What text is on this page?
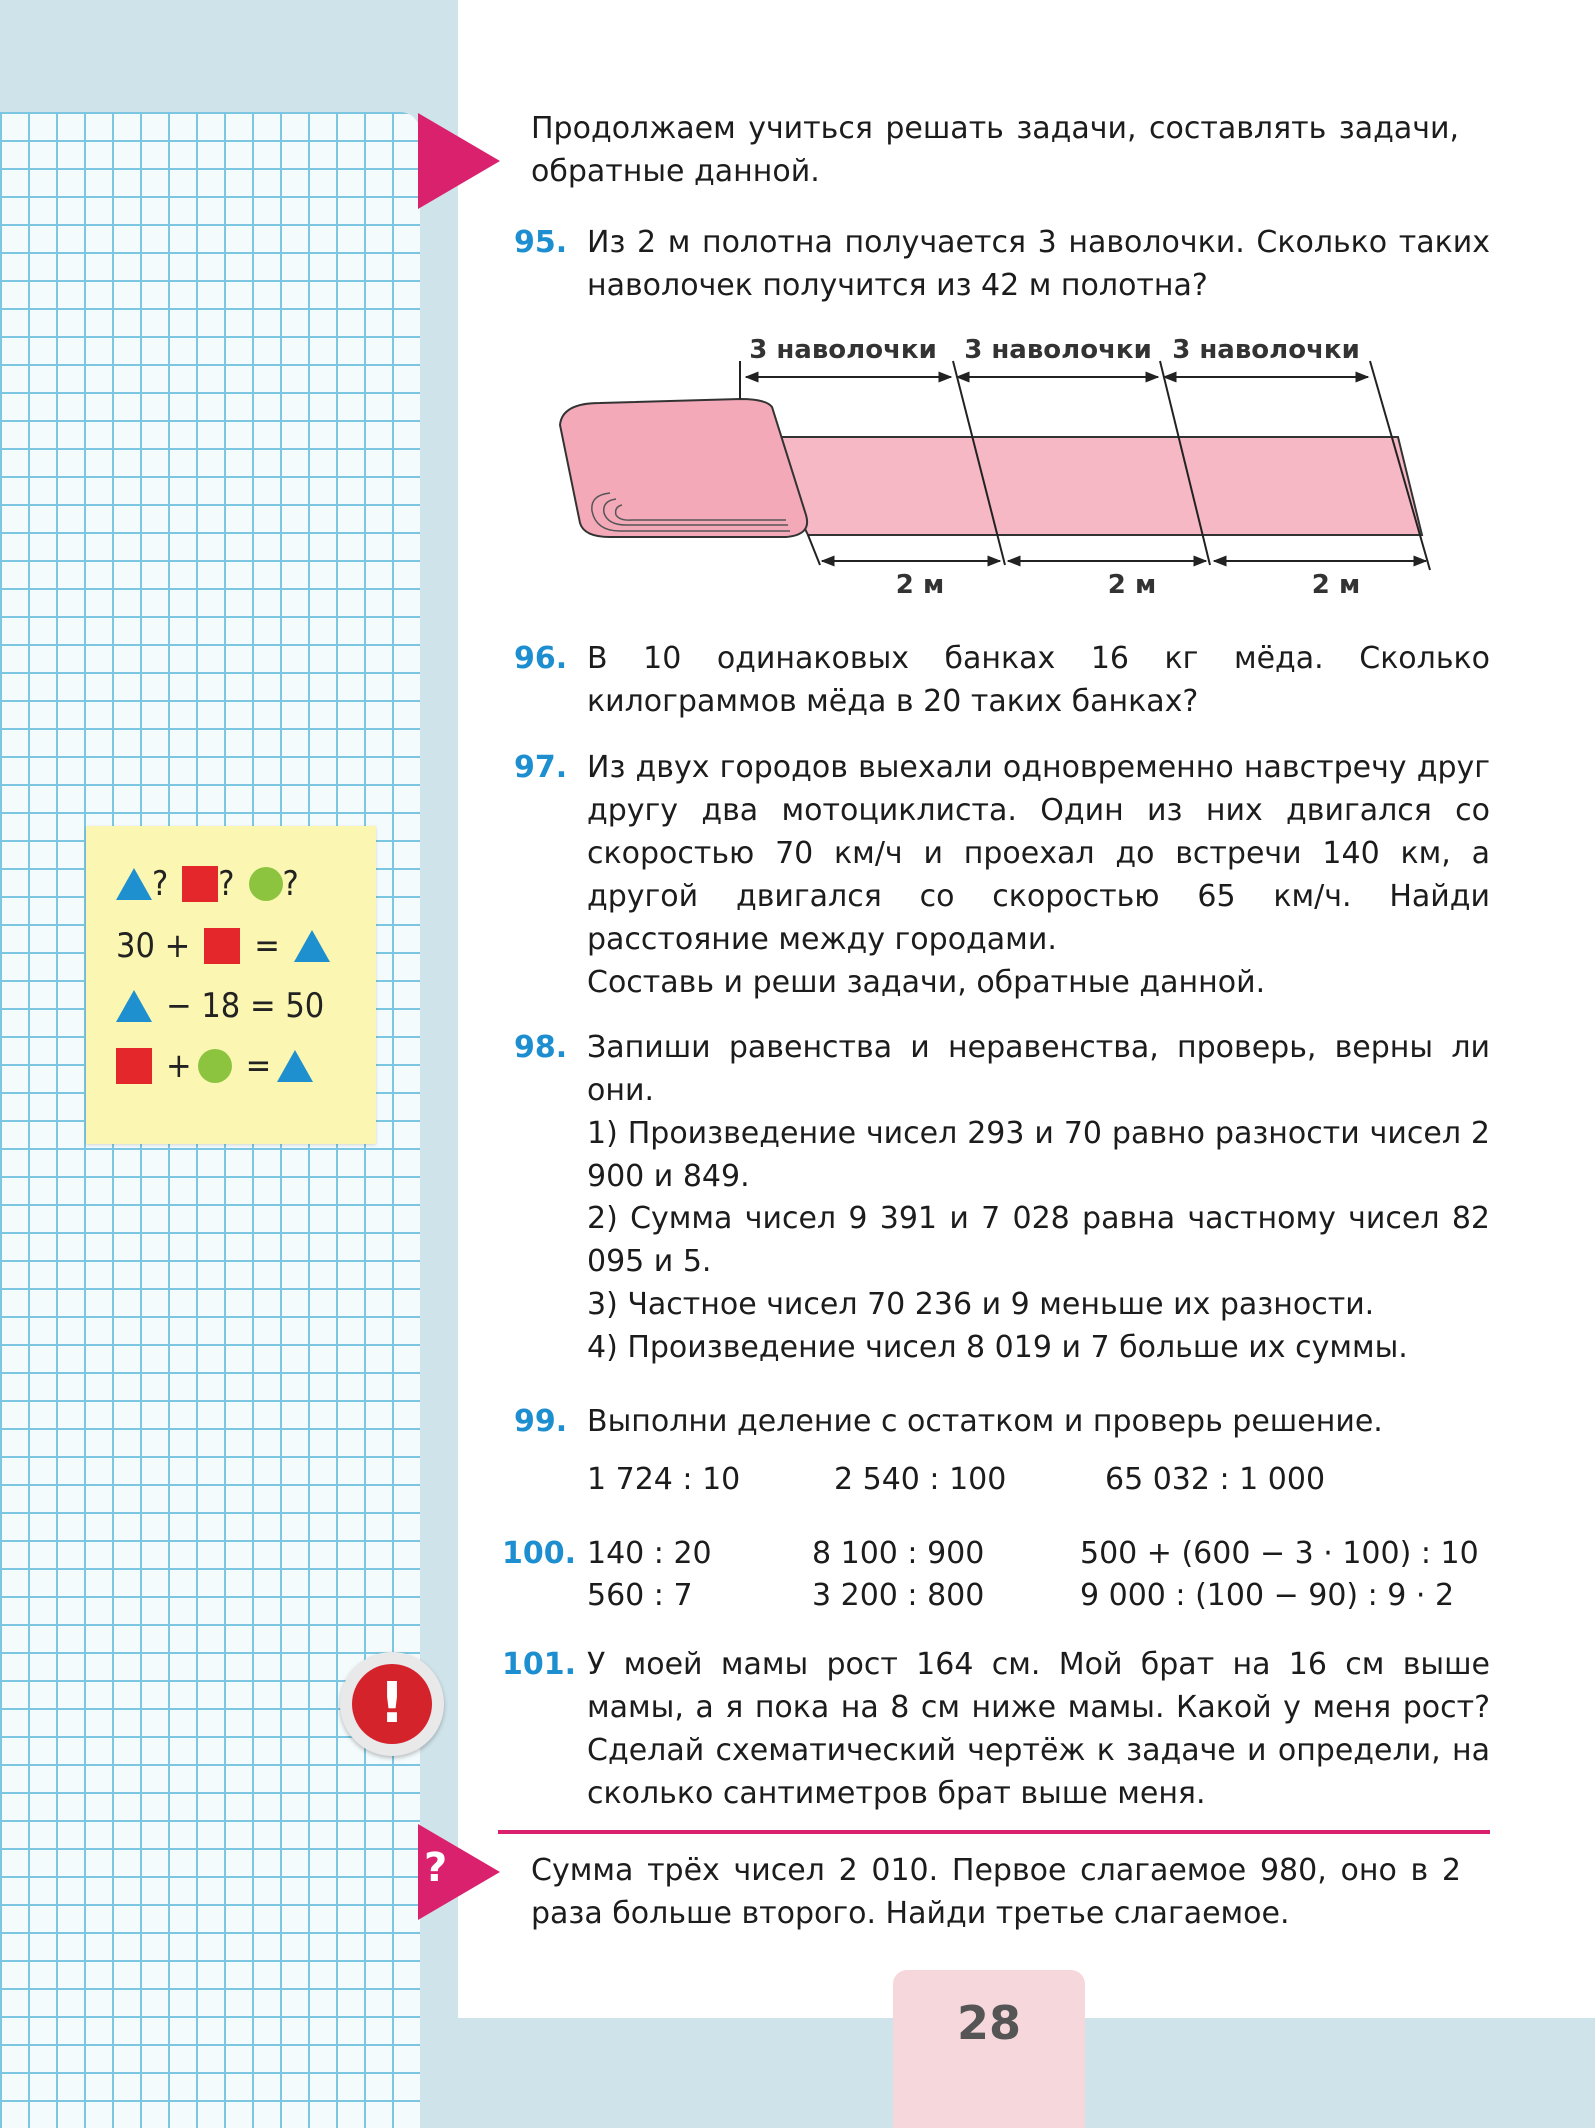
? ? ?
30 + =
− 18 = 50
+ =

Продолжаем учиться решать задачи, составлять задачи, обратные данной.

95. Из 2 м полотна получается 3 наволочки. Сколько таких наволочек получится из 42 м полотна?

3 наволочки 3 наволочки 3 наволочки
2 м	2 м	2 м
96. В 10 одинаковых банках 16 кг мёда. Сколько килограммов мёда в 20 таких банках?

97. Из двух городов выехали одновременно навстречу друг другу два мотоциклиста. Один из них двигался со скоростью 70 км/ч и проехал до встречи 140 км, а другой двигался со скоростью 65 км/ч. Найди расстояние между городами.

Составь и реши задачи, обратные данной.

98. Запиши равенства и неравенства, проверь, верны ли они.

1) Произведение чисел 293 и 70 равно разности чисел 2 900 и 849.

2) Сумма чисел 9 391 и 7 028 равна частному чисел 82 095 и 5.

3) Частное чисел 70 236 и 9 меньше их разности.

4) Произведение чисел 8 019 и 7 больше их суммы.

99. Выполни деление с остатком и проверь решение.

1 724 : 10	2 540 : 100	65 032 : 1 000
100. 140 : 20	8 100 : 900	500 + (600 − 3 · 100) : 10
560 : 7	3 200 : 800	9 000 : (100 − 90) : 9 · 2
!
101. У моей мамы рост 164 см. Мой брат на 16 см выше мамы, а я пока на 8 см ниже мамы. Какой у меня рост? Сделай схематический чертёж к задаче и определи, на сколько сантиметров брат выше меня.

?	Сумма трёх чисел 2 010. Первое слагаемое 980, оно в 2 раза больше второго. Найди третье слагаемое.

28
